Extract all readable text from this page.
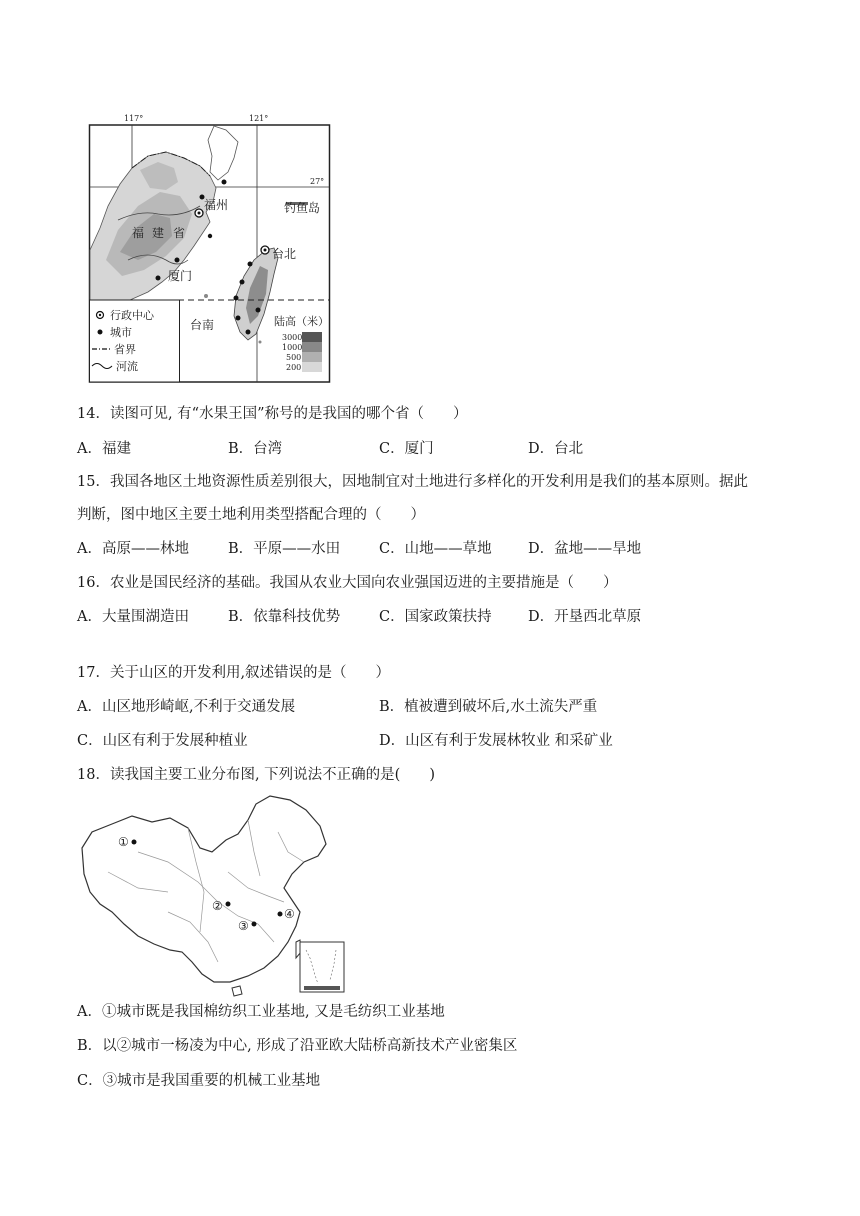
117°	121°
27°
福州
福 建 省
厦门
钓鱼岛
台北
台南
行政中心
城市
省界
河流
陆高（米）
3000
1000
500
200
14．读图可见, 有“水果王国”称号的是我国的哪个省（　　）
A．福建	B．台湾	C．厦门	D．台北
15．我国各地区土地资源性质差别很大，因地制宜对土地进行多样化的开发利用是我们的基本原则。据此
判断，图中地区主要土地利用类型搭配合理的（　　）
A．高原——林地	B．平原——水田	C．山地——草地	D．盆地——旱地
16．农业是国民经济的基础。我国从农业大国向农业强国迈进的主要措施是（　　）
A．大量围湖造田	B．依靠科技优势	C．国家政策扶持	D．开垦西北草原
17．关于山区的开发利用,叙述错误的是（　　）
A．山区地形崎岖,不利于交通发展	B．植被遭到破坏后,水土流失严重
C．山区有利于发展种植业	D．山区有利于发展林牧业 和采矿业
18．读我国主要工业分布图, 下列说法不正确的是(　　)
①
②
③
④
A．①城市既是我国棉纺织工业基地, 又是毛纺织工业基地
B．以②城市一杨凌为中心, 形成了沿亚欧大陆桥高新技术产业密集区
C．③城市是我国重要的机械工业基地
